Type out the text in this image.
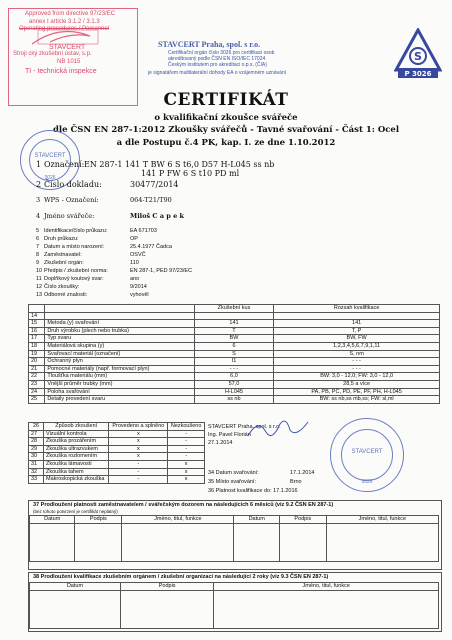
Approved from directive 97/23/EC
annex I article 3.1.2 / 3.1.3
Operating procedures / Personnel
STAVCERT
Stroji cký zkušební ústav, s.p.
NB 1015
TI - technická inspekce
STAVCERT Praha, spol. s r.o.
Certifikační orgán číslo 3026 pro certifikaci osob
akreditovaný podle ČSN EN ISO/IEC 17024
Českým institutem pro akreditaci o.p.s. (ČIA)
je signatářem multilaterální dohody EA o vzájemném uznávání
S
P 3026
CERTIFIKÁT
o kvalifikační zkoušce svářeče
dle ČSN EN 287-1:2012 Zkoušky svářečů - Tavné svařování - Část 1: Ocel
a dle Postupu č.4 PK, kap. I. ze dne 1.10.2012
STAVCERT
3026
1 Označení: EN 287-1 141 T BW 6 S t6,0 D57 H-L045 ss nb
141 P FW 6 S t10 PD ml
2 Číslo dokladu:	30477/2014
3 WPS - Označení:	064-T21/T90
4 Jméno svářeče:	Miloš C a p e k
5 Identifikace/číslo průkazu:	EA 671703
6 Druh průkazu:	OP
7 Datum a místo narození:	25.4.1977 Čadca
8 Zaměstnavatel:	OSVČ
9 Zkušební orgán:	110
10 Předpis / zkušební norma:	EN 287-1, PED 97/23/EC
11 Doplňkový koutový svar:	ano
12 Číslo zkoušky:	9/2014
13 Odborné znalosti:	vyhověl
		Zkušební kus	Rozsah kvalifikace
14			
15	Metoda (y) svařování	141	141
16	Druh výrobku (plech nebo trubka)	T	T, P
17	Typ svaru	BW	BW, FW
18	Materiálová skupina (y)	6	1,2,3,4,5,6,7,9,1,11
19	Svařovací materiál (označení)	S	S, nm
20	Ochranný plyn	I1	- - -
21	Pomocné materiály (např. formovací plyn)	- - -	- - -
22	Tloušťka materiálu (mm)	6,0	BW: 3,0 - 12,0; FW: 3,0 - 12,0
23	Vnější průměr trubky (mm)	57,0	28,5 a více
24	Poloha svařování	H-L045	PA, PB, PC, PD, PE, PF, PH, H-L045
25	Detaily provedení svaru	ss nb	BW: ss nb,ss mb,ss; FW: sl,ml
26	Způsob zkoušení	Provedeno a splněno	Nezkoušeno
27	Vizuální kontrola	x	-
28	Zkouška prozářením	x	-
29	Zkouška ultrazvukem	x	-
30	Zkouška rozlomením	x	-
31	Zkouška lámavosti	-	x
32	Zkouška tahem	-	x
33	Makroskopická zkouška	-	x
STAVCERT Praha, spol. s r.o.
Ing. Pavel Florián
27.1.2014
34 Datum svařování:	17.1.2014
35 Místo svařování:	Brno
36 Platnost kvalifikace do: 17.1.2016
STAVCERT
3026
37 Prodloužení platnosti zaměstnavatelem / svářečským dozorem na následujících 6 měsíců (viz 9.2 ČSN EN 287-1)
(bez tohoto potvrzení je certifikát neplatný)
Datum	Podpis	Jméno, titul, funkce	Datum	Podpis	Jméno, titul, funkce

38 Prodloužení kvalifikace zkušebním orgánem / zkušební organizací na následující 2 roky (viz 9.3 ČSN EN 287-1)
Datum	Podpis	Jméno, titul, funkce
